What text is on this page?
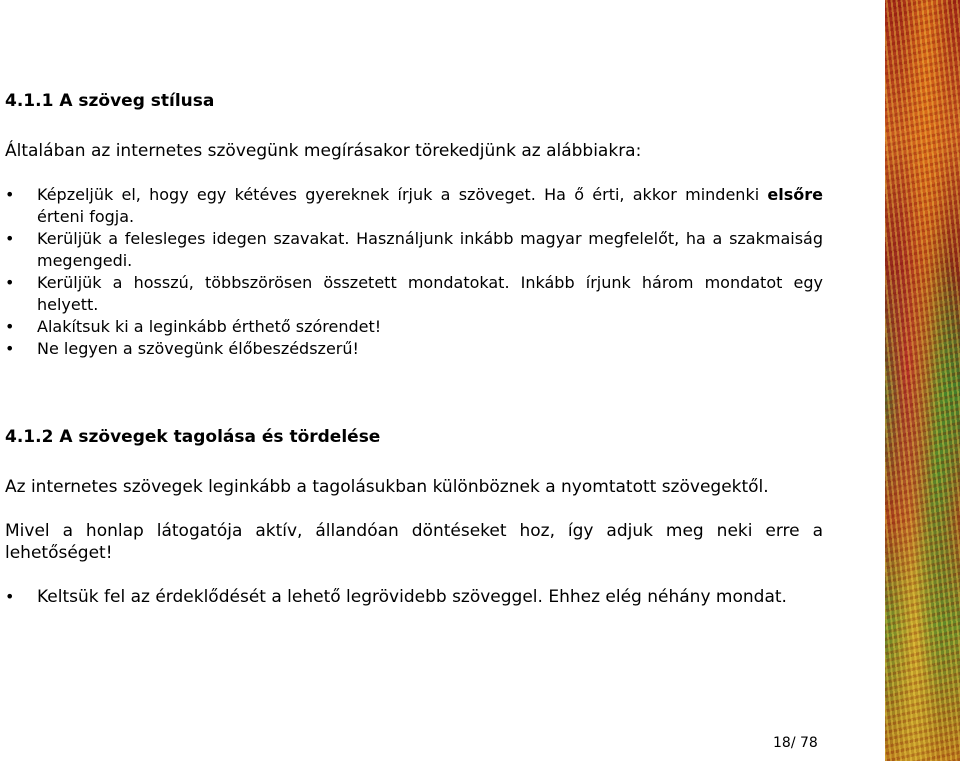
4.1.1 A szöveg stílusa
Általában az internetes szövegünk megírásakor törekedjünk az alábbiakra:
• Képzeljük el, hogy egy kétéves gyereknek írjuk a szöveget. Ha ő érti, akkor mindenki elsőre érteni fogja.
• Kerüljük a felesleges idegen szavakat. Használjunk inkább magyar megfelelőt, ha a szakmaiság megengedi.
• Kerüljük a hosszú, többszörösen összetett mondatokat. Inkább írjunk három mondatot egy helyett.
• Alakítsuk ki a leginkább érthető szórendet!
• Ne legyen a szövegünk élőbeszédszerű!
4.1.2 A szövegek tagolása és tördelése
Az internetes szövegek leginkább a tagolásukban különböznek a nyomtatott szövegektől.
Mivel a honlap látogatója aktív, állandóan döntéseket hoz, így adjuk meg neki erre a lehetőséget!
• Keltsük fel az érdeklődését a lehető legrövidebb szöveggel. Ehhez elég néhány mondat.
18/ 78
